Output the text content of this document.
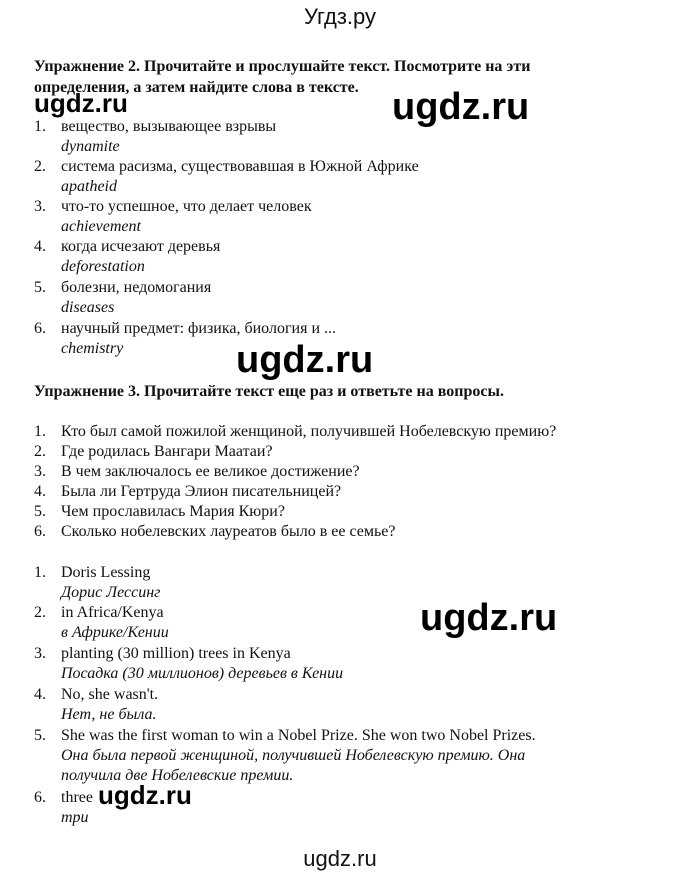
Угдз.ру
Упражнение 2. Прочитайте и прослушайте текст. Посмотрите на эти
определения, а затем найдите слова в тексте.
1. вещество, вызывающее взрывы
dynamite
2. система расизма, существовавшая в Южной Африке
apatheid
3. что-то успешное, что делает человек
achievement
4. когда исчезают деревья
deforestation
5. болезни, недомогания
diseases
6. научный предмет: физика, биология и ...
chemistry
Упражнение 3. Прочитайте текст еще раз и ответьте на вопросы.
1. Кто был самой пожилой женщиной, получившей Нобелевскую премию?
2. Где родилась Вангари Маатаи?
3. В чем заключалось ее великое достижение?
4. Была ли Гертруда Элион писательницей?
5. Чем прославилась Мария Кюри?
6. Сколько нобелевских лауреатов было в ее семье?
1. Doris Lessing
Дорис Лессинг
2. in Africa/Kenya
в Африке/Кении
3. planting (30 million) trees in Kenya
Посадка (30 миллионов) деревьев в Кении
4. No, she wasn't.
Нет, не была.
5. She was the first woman to win a Nobel Prize. She won two Nobel Prizes.
Она была первой женщиной, получившей Нобелевскую премию. Она
получила две Нобелевские премии.
6. three
три
ugdz.ru	ugdz.ru
ugdz.ru
ugdz.ru
ugdz.ru
ugdz.ru
